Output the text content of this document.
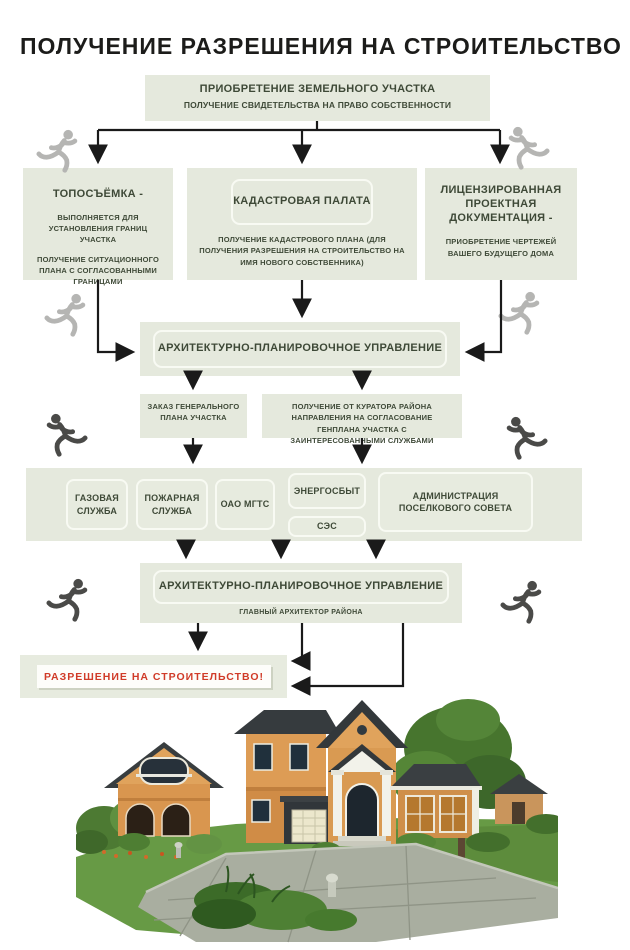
ПОЛУЧЕНИЕ РАЗРЕШЕНИЯ НА СТРОИТЕЛЬСТВО
ПРИОБРЕТЕНИЕ ЗЕМЕЛЬНОГО УЧАСТКА
ПОЛУЧЕНИЕ СВИДЕТЕЛЬСТВА НА ПРАВО СОБСТВЕННОСТИ
ТОПОСЪЁМКА -
ВЫПОЛНЯЕТСЯ ДЛЯ УСТАНОВЛЕНИЯ ГРАНИЦ УЧАСТКА
ПОЛУЧЕНИЕ СИТУАЦИОННОГО ПЛАНА С СОГЛАСОВАННЫМИ ГРАНИЦАМИ
КАДАСТРОВАЯ ПАЛАТА
ПОЛУЧЕНИЕ КАДАСТРОВОГО ПЛАНА (ДЛЯ ПОЛУЧЕНИЯ РАЗРЕШЕНИЯ НА СТРОИТЕЛЬСТВО НА ИМЯ НОВОГО СОБСТВЕННИКА)
ЛИЦЕНЗИРОВАННАЯ ПРОЕКТНАЯ ДОКУМЕНТАЦИЯ -
ПРИОБРЕТЕНИЕ ЧЕРТЕЖЕЙ ВАШЕГО БУДУЩЕГО ДОМА
АРХИТЕКТУРНО-ПЛАНИРОВОЧНОЕ УПРАВЛЕНИЕ
ЗАКАЗ ГЕНЕРАЛЬНОГО ПЛАНА УЧАСТКА
ПОЛУЧЕНИЕ ОТ КУРАТОРА РАЙОНА НАПРАВЛЕНИЯ НА СОГЛАСОВАНИЕ ГЕНПЛАНА УЧАСТКА С ЗАИНТЕРЕСОВАННЫМИ СЛУЖБАМИ
ГАЗОВАЯ СЛУЖБА
ПОЖАРНАЯ СЛУЖБА
ОАО МГТС
ЭНЕРГОСБЫТ
СЭС
АДМИНИСТРАЦИЯ ПОСЕЛКОВОГО СОВЕТА
АРХИТЕКТУРНО-ПЛАНИРОВОЧНОЕ УПРАВЛЕНИЕ
ГЛАВНЫЙ АРХИТЕКТОР РАЙОНА
РАЗРЕШЕНИЕ НА СТРОИТЕЛЬСТВО!
